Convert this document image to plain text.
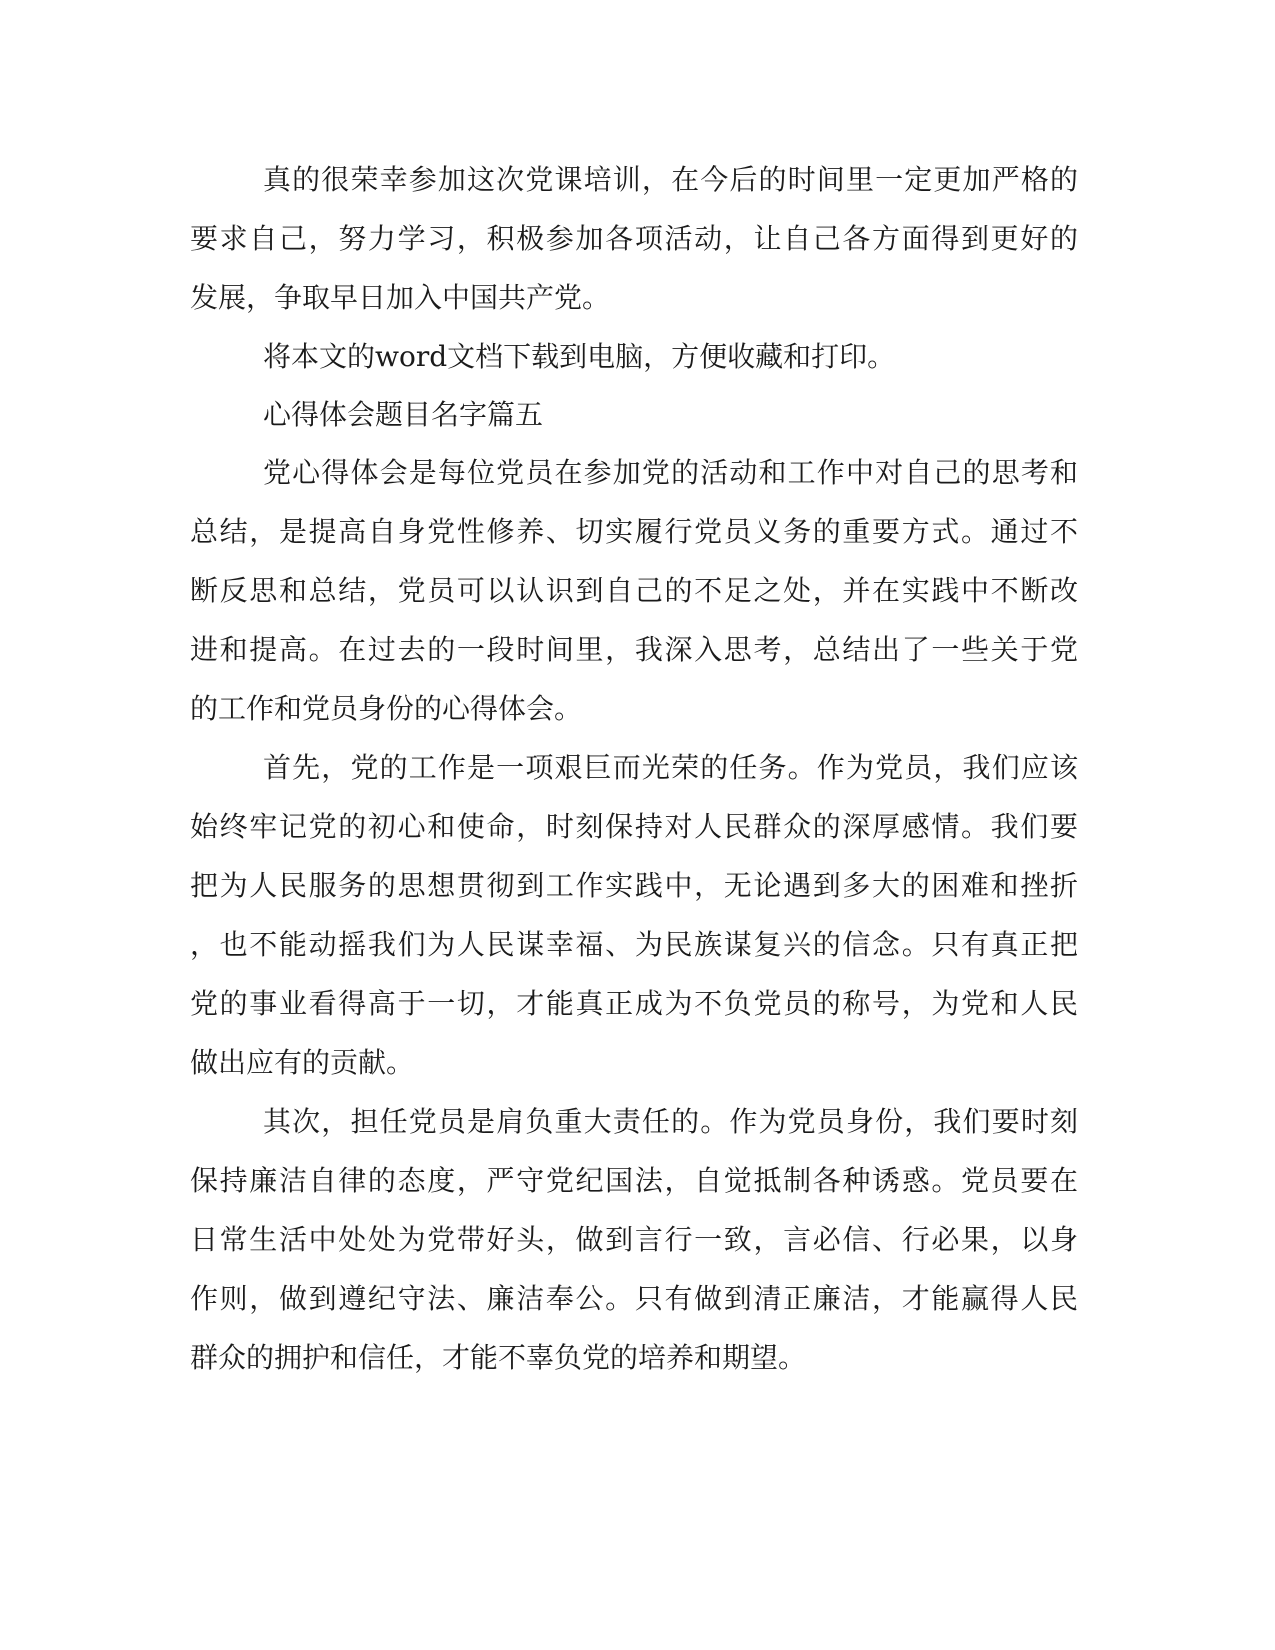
真的很荣幸参加这次党课培训，在今后的时间里一定更加严格的
要求自己，努力学习，积极参加各项活动，让自己各方面得到更好的
发展，争取早日加入中国共产党。
将本文的word文档下载到电脑，方便收藏和打印。
心得体会题目名字篇五
党心得体会是每位党员在参加党的活动和工作中对自己的思考和
总结，是提高自身党性修养、切实履行党员义务的重要方式。通过不
断反思和总结，党员可以认识到自己的不足之处，并在实践中不断改
进和提高。在过去的一段时间里，我深入思考，总结出了一些关于党
的工作和党员身份的心得体会。
首先，党的工作是一项艰巨而光荣的任务。作为党员，我们应该
始终牢记党的初心和使命，时刻保持对人民群众的深厚感情。我们要
把为人民服务的思想贯彻到工作实践中，无论遇到多大的困难和挫折
，也不能动摇我们为人民谋幸福、为民族谋复兴的信念。只有真正把
党的事业看得高于一切，才能真正成为不负党员的称号，为党和人民
做出应有的贡献。
其次，担任党员是肩负重大责任的。作为党员身份，我们要时刻
保持廉洁自律的态度，严守党纪国法，自觉抵制各种诱惑。党员要在
日常生活中处处为党带好头，做到言行一致，言必信、行必果，以身
作则，做到遵纪守法、廉洁奉公。只有做到清正廉洁，才能赢得人民
群众的拥护和信任，才能不辜负党的培养和期望。
